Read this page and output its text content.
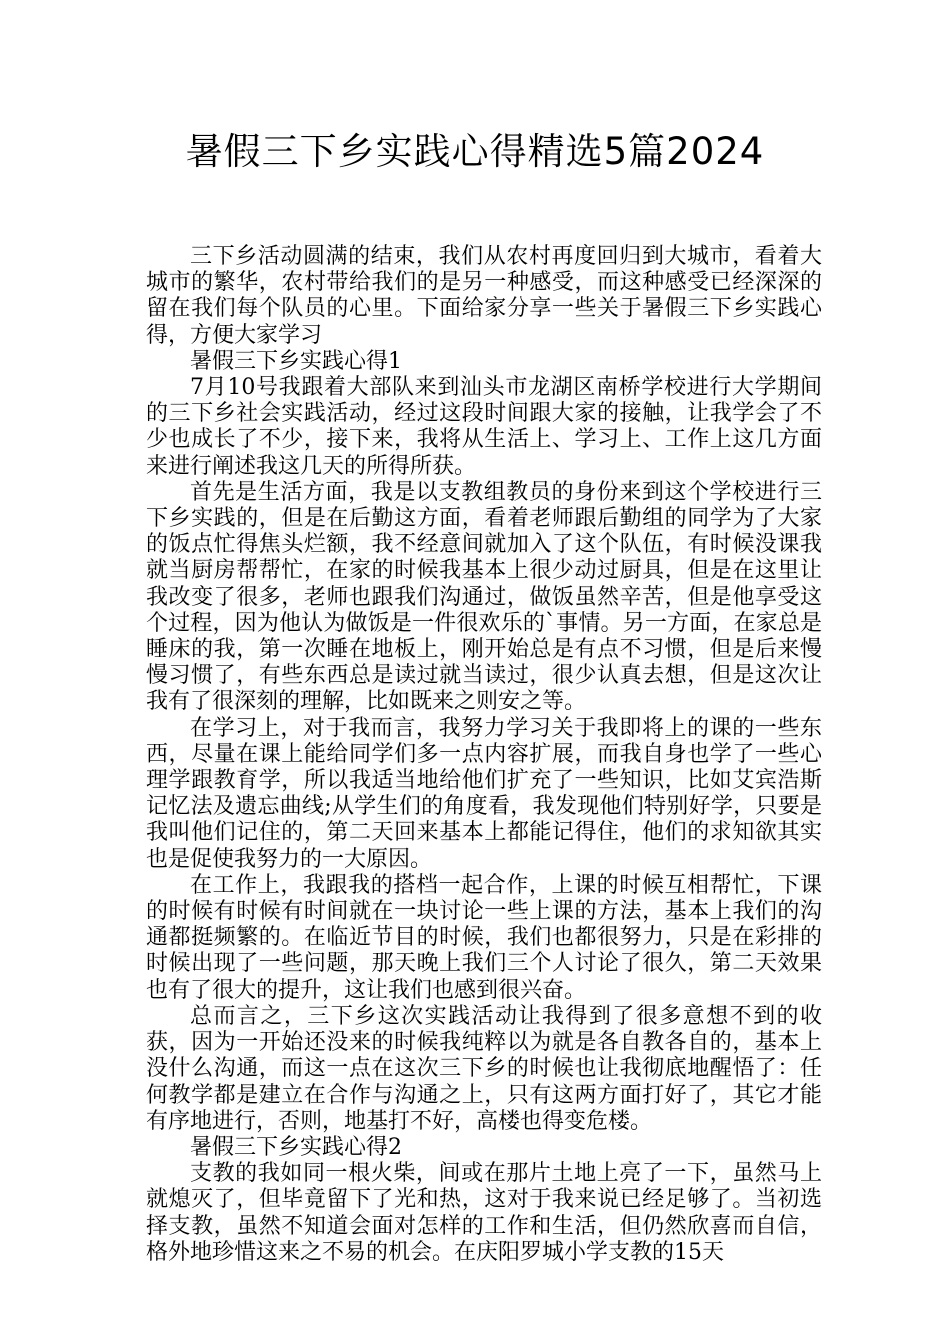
暑假三下乡实践心得精选5篇2024

三下乡活动圆满的结束，我们从农村再度回归到大城市，看着大城市的繁华，农村带给我们的是另一种感受，而这种感受已经深深的留在我们每个队员的心里。下面给家分享一些关于暑假三下乡实践心得，方便大家学习

暑假三下乡实践心得1

7月10号我跟着大部队来到汕头市龙湖区南桥学校进行大学期间的三下乡社会实践活动，经过这段时间跟大家的接触，让我学会了不少也成长了不少，接下来，我将从生活上、学习上、工作上这几方面来进行阐述我这几天的所得所获。

首先是生活方面，我是以支教组教员的身份来到这个学校进行三下乡实践的，但是在后勤这方面，看着老师跟后勤组的同学为了大家的饭点忙得焦头烂额，我不经意间就加入了这个队伍，有时候没课我就当厨房帮帮忙，在家的时候我基本上很少动过厨具，但是在这里让我改变了很多，老师也跟我们沟通过，做饭虽然辛苦，但是他享受这个过程，因为他认为做饭是一件很欢乐的`事情。另一方面，在家总是睡床的我，第一次睡在地板上，刚开始总是有点不习惯，但是后来慢慢习惯了，有些东西总是读过就当读过，很少认真去想，但是这次让我有了很深刻的理解，比如既来之则安之等。

在学习上，对于我而言，我努力学习关于我即将上的课的一些东西，尽量在课上能给同学们多一点内容扩展，而我自身也学了一些心理学跟教育学，所以我适当地给他们扩充了一些知识，比如艾宾浩斯记忆法及遗忘曲线;从学生们的角度看，我发现他们特别好学，只要是我叫他们记住的，第二天回来基本上都能记得住，他们的求知欲其实也是促使我努力的一大原因。

在工作上，我跟我的搭档一起合作，上课的时候互相帮忙，下课的时候有时候有时间就在一块讨论一些上课的方法，基本上我们的沟通都挺频繁的。在临近节目的时候，我们也都很努力，只是在彩排的时候出现了一些问题，那天晚上我们三个人讨论了很久，第二天效果也有了很大的提升，这让我们也感到很兴奋。

总而言之，三下乡这次实践活动让我得到了很多意想不到的收获，因为一开始还没来的时候我纯粹以为就是各自教各自的，基本上没什么沟通，而这一点在这次三下乡的时候也让我彻底地醒悟了：任何教学都是建立在合作与沟通之上，只有这两方面打好了，其它才能有序地进行，否则，地基打不好，高楼也得变危楼。

暑假三下乡实践心得2

支教的我如同一根火柴，间或在那片土地上亮了一下，虽然马上就熄灭了，但毕竟留下了光和热，这对于我来说已经足够了。当初选择支教，虽然不知道会面对怎样的工作和生活，但仍然欣喜而自信，格外地珍惜这来之不易的机会。在庆阳罗城小学支教的15天
